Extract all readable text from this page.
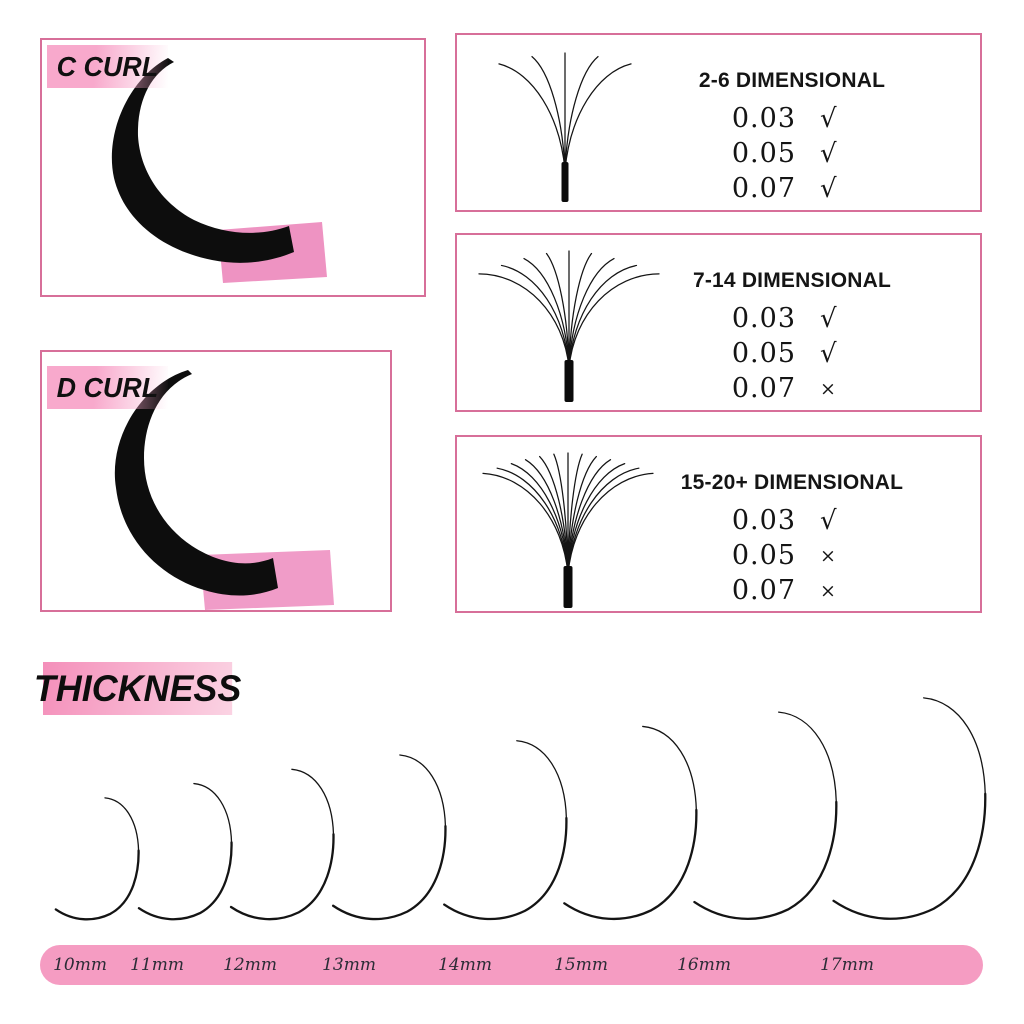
C CURL
D CURL
2-6 DIMENSIONAL
0.03 √
0.05 √
0.07 √
7-14 DIMENSIONAL
0.03 √
0.05 √
0.07 ×
15-20+ DIMENSIONAL
0.03 √
0.05 ×
0.07 ×
THICKNESS
10mm	11mm	12mm	13mm	14mm	15mm	16mm	17mm
